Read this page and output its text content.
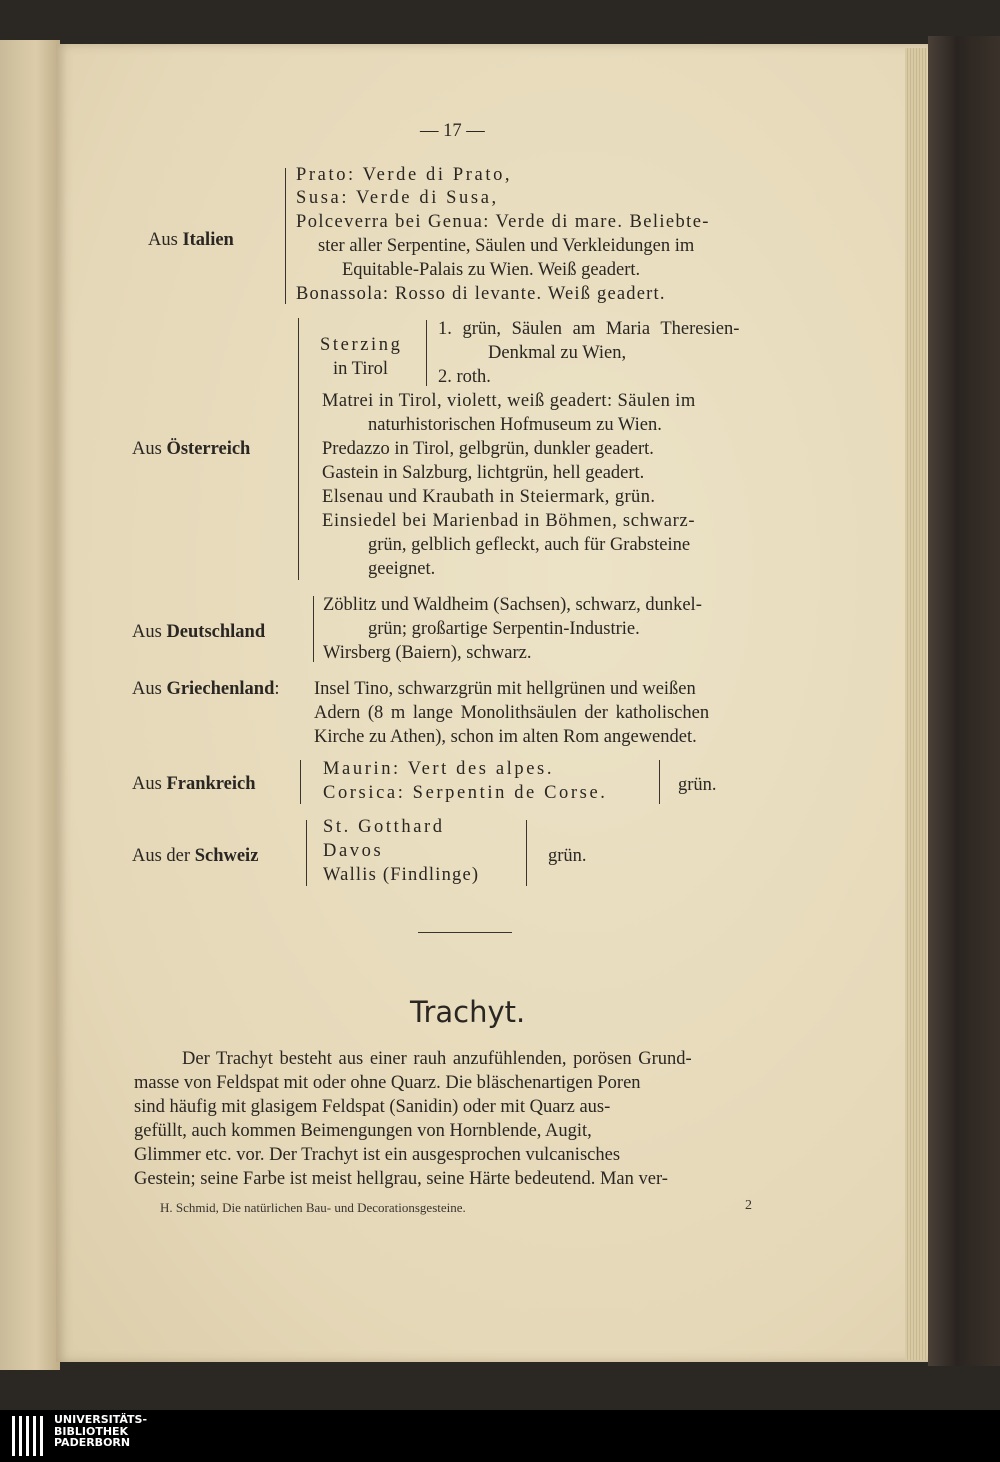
— 17 —
Aus Italien
Prato: Verde di Prato,
Susa: Verde di Susa,
Polceverra bei Genua: Verde di mare. Beliebte-
ster aller Serpentine, Säulen und Verkleidungen im
Equitable-Palais zu Wien. Weiß geadert.
Bonassola: Rosso di levante. Weiß geadert.
Aus Österreich
Sterzing
in Tirol
1. grün, Säulen am Maria Theresien-
Denkmal zu Wien,
2. roth.
Matrei in Tirol, violett, weiß geadert: Säulen im
naturhistorischen Hofmuseum zu Wien.
Predazzo in Tirol, gelbgrün, dunkler geadert.
Gastein in Salzburg, lichtgrün, hell geadert.
Elsenau und Kraubath in Steiermark, grün.
Einsiedel bei Marienbad in Böhmen, schwarz-
grün, gelblich gefleckt, auch für Grabsteine
geeignet.
Aus Deutschland
Zöblitz und Waldheim (Sachsen), schwarz, dunkel-
grün; großartige Serpentin-Industrie.
Wirsberg (Baiern), schwarz.
Aus Griechenland: Insel Tino, schwarzgrün mit hellgrünen und weißen
Adern (8 m lange Monolithsäulen der katholischen
Kirche zu Athen), schon im alten Rom angewendet.
Aus Frankreich
Maurin: Vert des alpes.
Corsica: Serpentin de Corse.	grün.
Aus der Schweiz
St. Gotthard
Davos
Wallis (Findlinge)
grün.
Trachyt.
Der Trachyt besteht aus einer rauh anzufühlenden, porösen Grund-
masse von Feldspat mit oder ohne Quarz. Die bläschenartigen Poren
sind häufig mit glasigem Feldspat (Sanidin) oder mit Quarz aus-
gefüllt, auch kommen Beimengungen von Hornblende, Augit,
Glimmer etc. vor. Der Trachyt ist ein ausgesprochen vulcanisches
Gestein; seine Farbe ist meist hellgrau, seine Härte bedeutend. Man ver-
H. Schmid, Die natürlichen Bau- und Decorationsgesteine.	2
UNIVERSITÄTS-
BIBLIOTHEK
PADERBORN
